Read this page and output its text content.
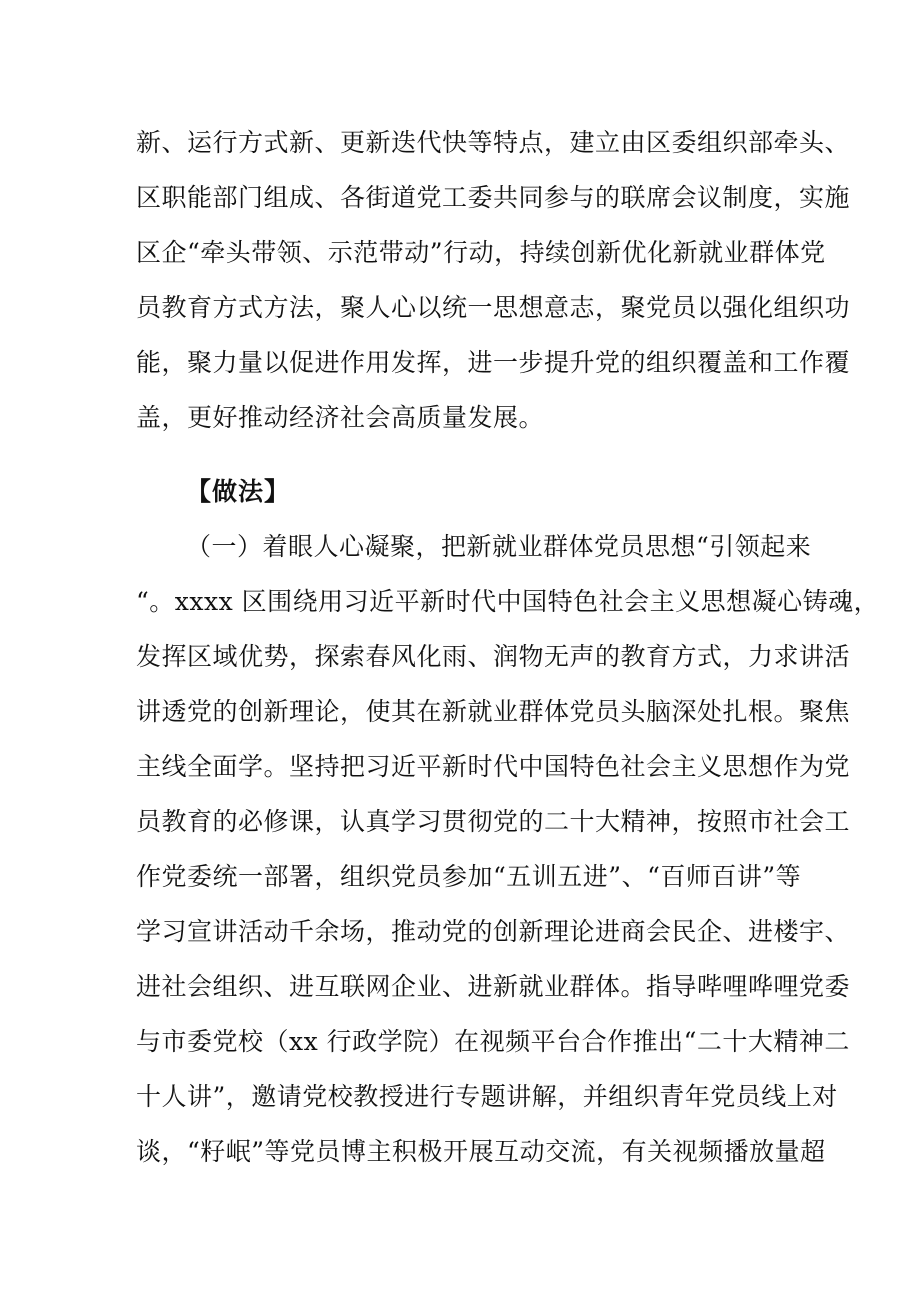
新、运行方式新、更新迭代快等特点，建立由区委组织部牵头、
区职能部门组成、各街道党工委共同参与的联席会议制度，实施
区企“牵头带领、示范带动”行动，持续创新优化新就业群体党
员教育方式方法，聚人心以统一思想意志，聚党员以强化组织功
能，聚力量以促进作用发挥，进一步提升党的组织覆盖和工作覆
盖，更好推动经济社会高质量发展。
【做法】
（一）着眼人心凝聚，把新就业群体党员思想“引领起来
“。xxxx 区围绕用习近平新时代中国特色社会主义思想凝心铸魂，
发挥区域优势，探索春风化雨、润物无声的教育方式，力求讲活
讲透党的创新理论，使其在新就业群体党员头脑深处扎根。聚焦
主线全面学。坚持把习近平新时代中国特色社会主义思想作为党
员教育的必修课，认真学习贯彻党的二十大精神，按照市社会工
作党委统一部署，组织党员参加“五训五进”、“百师百讲”等
学习宣讲活动千余场，推动党的创新理论进商会民企、进楼宇、
进社会组织、进互联网企业、进新就业群体。指导哔哩哗哩党委
与市委党校（xx 行政学院）在视频平台合作推出“二十大精神二
十人讲”，邀请党校教授进行专题讲解，并组织青年党员线上对
谈，“籽岷”等党员博主积极开展互动交流，有关视频播放量超
